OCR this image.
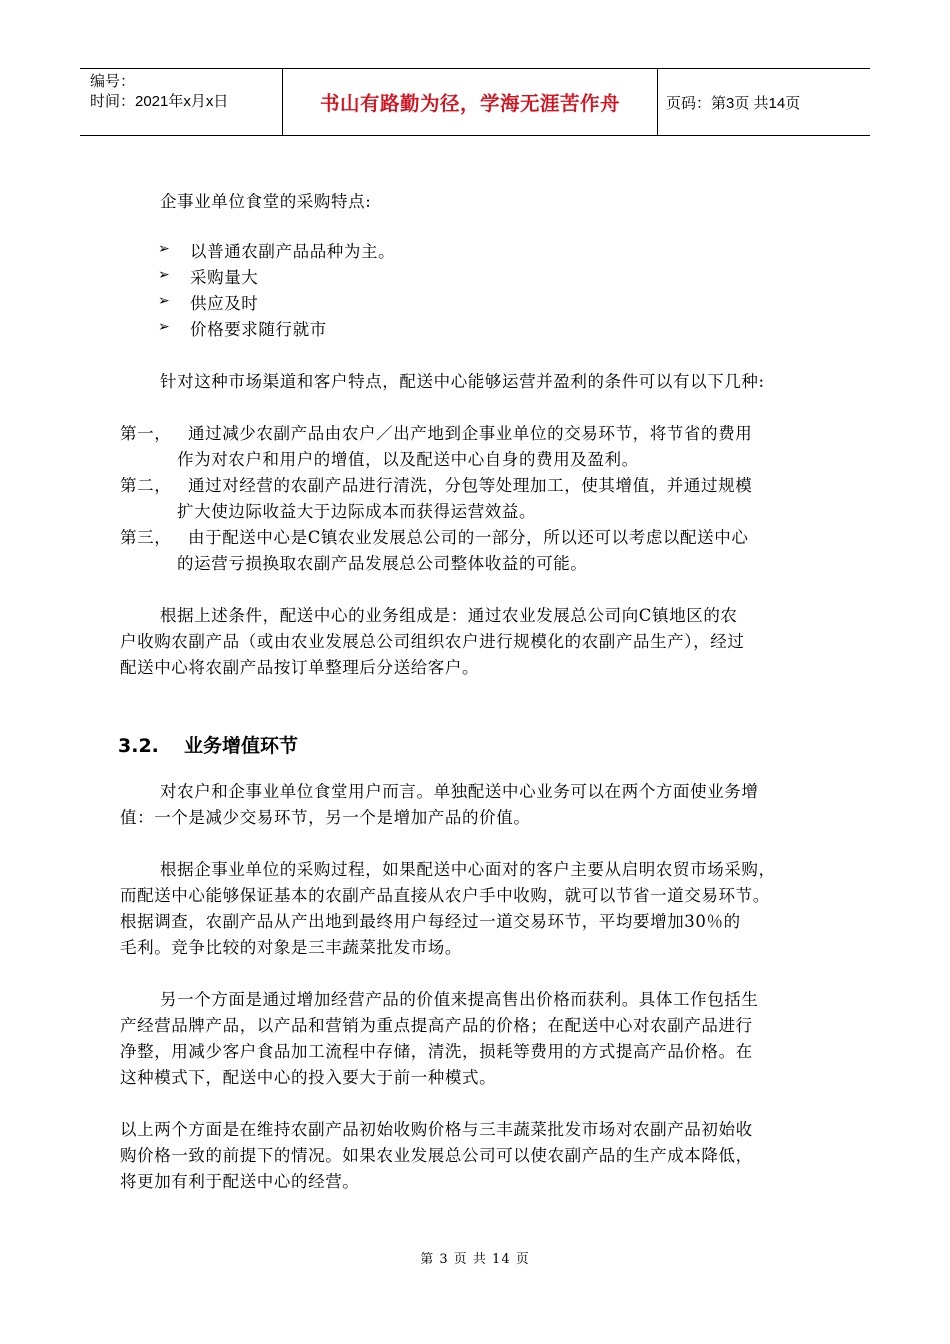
编号：
时间：2021年x月x日	书山有路勤为径，学海无涯苦作舟	页码：第3页 共14页
企事业单位食堂的采购特点:
➢ 以普通农副产品品种为主。
➢ 采购量大
➢ 供应及时
➢ 价格要求随行就市
针对这种市场渠道和客户特点，配送中心能够运营并盈利的条件可以有以下几种:
第一， 通过减少农副产品由农户／出产地到企事业单位的交易环节，将节省的费用
作为对农户和用户的增值，以及配送中心自身的费用及盈利。
第二， 通过对经营的农副产品进行清洗，分包等处理加工，使其增值，并通过规模
扩大使边际收益大于边际成本而获得运营效益。
第三， 由于配送中心是C镇农业发展总公司的一部分，所以还可以考虑以配送中心
的运营亏损换取农副产品发展总公司整体收益的可能。
根据上述条件，配送中心的业务组成是：通过农业发展总公司向C镇地区的农
户收购农副产品（或由农业发展总公司组织农户进行规模化的农副产品生产），经过
配送中心将农副产品按订单整理后分送给客户。
3.2. 业务增值环节
对农户和企事业单位食堂用户而言。单独配送中心业务可以在两个方面使业务增
值：一个是减少交易环节，另一个是增加产品的价值。
根据企事业单位的采购过程，如果配送中心面对的客户主要从启明农贸市场采购，
而配送中心能够保证基本的农副产品直接从农户手中收购，就可以节省一道交易环节。
根据调查，农副产品从产出地到最终用户每经过一道交易环节，平均要增加30％的
毛利。竞争比较的对象是三丰蔬菜批发市场。
另一个方面是通过增加经营产品的价值来提高售出价格而获利。具体工作包括生
产经营品牌产品，以产品和营销为重点提高产品的价格；在配送中心对农副产品进行
净整，用减少客户食品加工流程中存储，清洗，损耗等费用的方式提高产品价格。在
这种模式下，配送中心的投入要大于前一种模式。
以上两个方面是在维持农副产品初始收购价格与三丰蔬菜批发市场对农副产品初始收
购价格一致的前提下的情况。如果农业发展总公司可以使农副产品的生产成本降低，
将更加有利于配送中心的经营。
第 3 页 共 14 页
